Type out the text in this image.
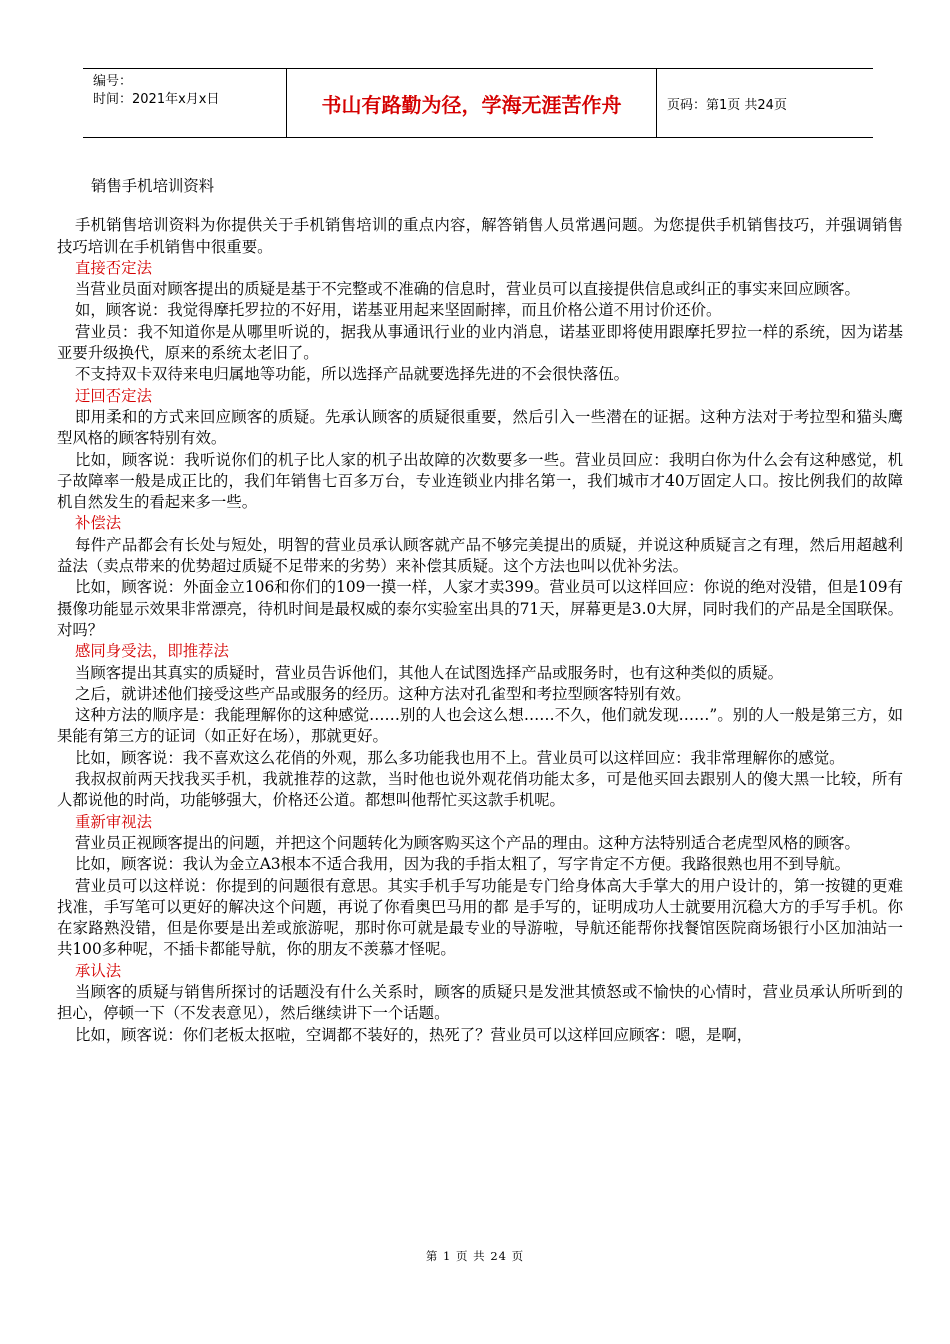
编号：
时间：2021年x月x日	书山有路勤为径，学海无涯苦作舟	页码：第1页 共24页

销售手机培训资料

手机销售培训资料为你提供关于手机销售培训的重点内容，解答销售人员常遇问题。为您提供手机销售技巧，并强调销售技巧培训在手机销售中很重要。

直接否定法

当营业员面对顾客提出的质疑是基于不完整或不准确的信息时，营业员可以直接提供信息或纠正的事实来回应顾客。

如，顾客说：我觉得摩托罗拉的不好用，诺基亚用起来坚固耐摔，而且价格公道不用讨价还价。

营业员：我不知道你是从哪里听说的，据我从事通讯行业的业内消息，诺基亚即将使用跟摩托罗拉一样的系统，因为诺基亚要升级换代，原来的系统太老旧了。

不支持双卡双待来电归属地等功能，所以选择产品就要选择先进的不会很快落伍。

迂回否定法

即用柔和的方式来回应顾客的质疑。先承认顾客的质疑很重要，然后引入一些潜在的证据。这种方法对于考拉型和猫头鹰型风格的顾客特别有效。

比如，顾客说：我听说你们的机子比人家的机子出故障的次数要多一些。营业员回应：我明白你为什么会有这种感觉，机子故障率一般是成正比的，我们年销售七百多万台，专业连锁业内排名第一，我们城市才40万固定人口。按比例我们的故障机自然发生的看起来多一些。

补偿法

每件产品都会有长处与短处，明智的营业员承认顾客就产品不够完美提出的质疑，并说这种质疑言之有理，然后用超越利益法（卖点带来的优势超过质疑不足带来的劣势）来补偿其质疑。这个方法也叫以优补劣法。

比如，顾客说：外面金立106和你们的109一摸一样，人家才卖399。营业员可以这样回应：你说的绝对没错，但是109有摄像功能显示效果非常漂亮，待机时间是最权威的泰尔实验室出具的71天，屏幕更是3.0大屏，同时我们的产品是全国联保。对吗？

感同身受法，即推荐法

当顾客提出其真实的质疑时，营业员告诉他们，其他人在试图选择产品或服务时，也有这种类似的质疑。

之后，就讲述他们接受这些产品或服务的经历。这种方法对孔雀型和考拉型顾客特别有效。

这种方法的顺序是：我能理解你的这种感觉……别的人也会这么想……不久，他们就发现……”。别的人一般是第三方，如果能有第三方的证词（如正好在场），那就更好。

比如，顾客说：我不喜欢这么花俏的外观，那么多功能我也用不上。营业员可以这样回应：我非常理解你的感觉。

我叔叔前两天找我买手机，我就推荐的这款，当时他也说外观花俏功能太多，可是他买回去跟别人的傻大黑一比较，所有人都说他的时尚，功能够强大，价格还公道。都想叫他帮忙买这款手机呢。

重新审视法

营业员正视顾客提出的问题，并把这个问题转化为顾客购买这个产品的理由。这种方法特别适合老虎型风格的顾客。

比如，顾客说：我认为金立A3根本不适合我用，因为我的手指太粗了，写字肯定不方便。我路很熟也用不到导航。

营业员可以这样说：你提到的问题很有意思。其实手机手写功能是专门给身体高大手掌大的用户设计的，第一按键的更难找准，手写笔可以更好的解决这个问题，再说了你看奥巴马用的都 是手写的，证明成功人士就要用沉稳大方的手写手机。你在家路熟没错，但是你要是出差或旅游呢，那时你可就是最专业的导游啦，导航还能帮你找餐馆医院商场银行小区加油站一共100多种呢，不插卡都能导航，你的朋友不羡慕才怪呢。

承认法

当顾客的质疑与销售所探讨的话题没有什么关系时，顾客的质疑只是发泄其愤怒或不愉快的心情时，营业员承认所听到的担心，停顿一下（不发表意见），然后继续讲下一个话题。

比如，顾客说：你们老板太抠啦，空调都不装好的，热死了？营业员可以这样回应顾客：嗯，是啊，

第 1 页 共 24 页
